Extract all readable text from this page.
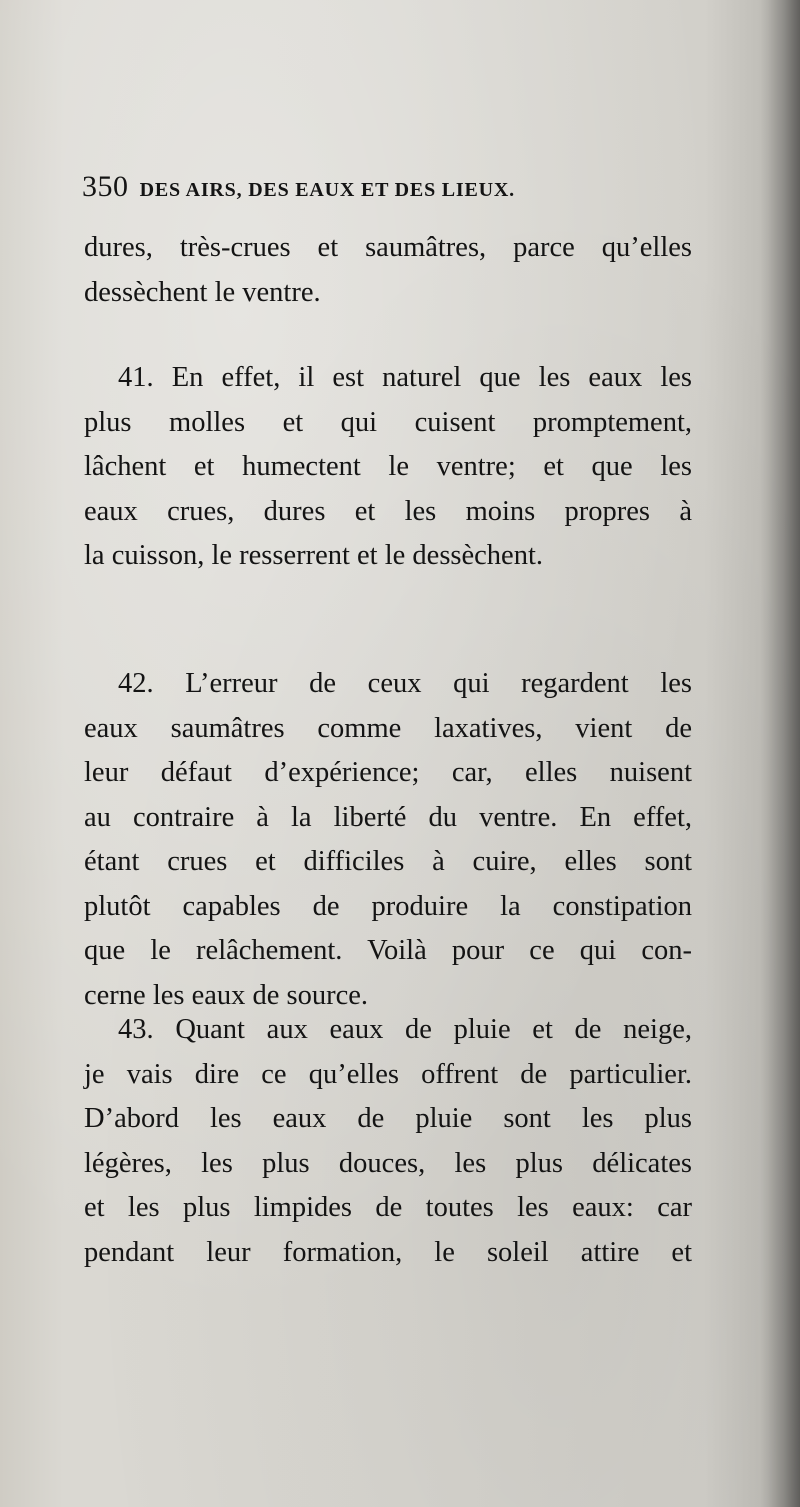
350 DES AIRS, DES EAUX ET DES LIEUX.
dures, très-crues et saumâtres, parce qu’elles
dessèchent le ventre.
41. En effet, il est naturel que les eaux les
plus molles et qui cuisent promptement,
lâchent et humectent le ventre; et que les
eaux crues, dures et les moins propres à
la cuisson, le resserrent et le dessèchent.
42. L’erreur de ceux qui regardent les
eaux saumâtres comme laxatives, vient de
leur défaut d’expérience; car, elles nuisent
au contraire à la liberté du ventre. En effet,
étant crues et difficiles à cuire, elles sont
plutôt capables de produire la constipation
que le relâchement. Voilà pour ce qui con-
cerne les eaux de source.
43. Quant aux eaux de pluie et de neige,
je vais dire ce qu’elles offrent de particulier.
D’abord les eaux de pluie sont les plus
légères, les plus douces, les plus délicates
et les plus limpides de toutes les eaux: car
pendant leur formation, le soleil attire et
